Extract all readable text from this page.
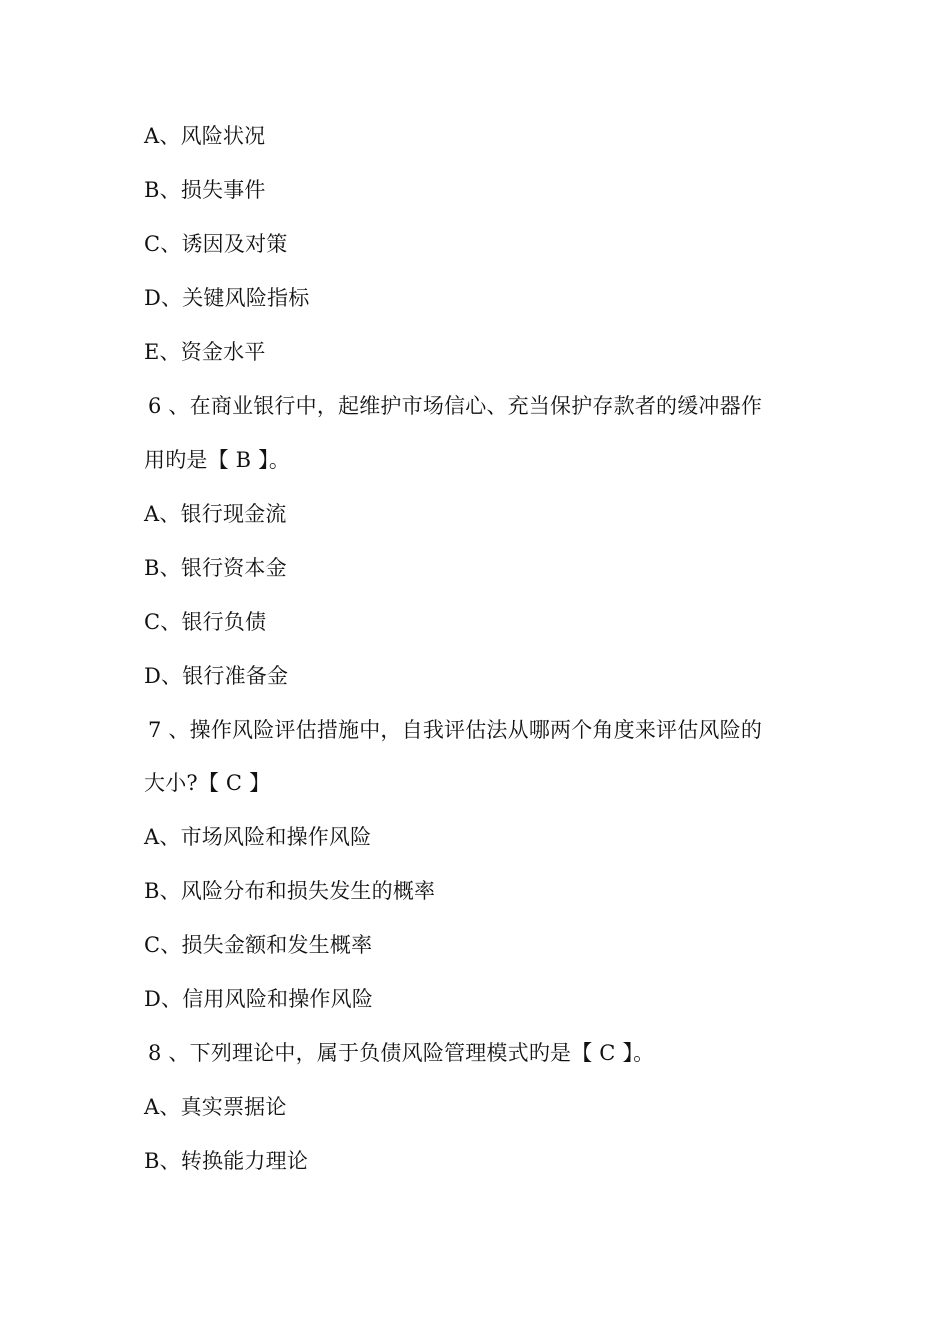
A、风险状况
B、损失事件
C、诱因及对策
D、关键风险指标
E、资金水平
6 、在商业银行中，起维护市场信心、充当保护存款者的缓冲器作
用旳是【 B 】。
A、银行现金流
B、银行资本金
C、银行负债
D、银行准备金
7 、操作风险评估措施中，自我评估法从哪两个角度来评估风险的
大小?【 C 】
A、市场风险和操作风险
B、风险分布和损失发生的概率
C、损失金额和发生概率
D、信用风险和操作风险
8 、下列理论中，属于负债风险管理模式旳是【 C 】。
A、真实票据论
B、转换能力理论
